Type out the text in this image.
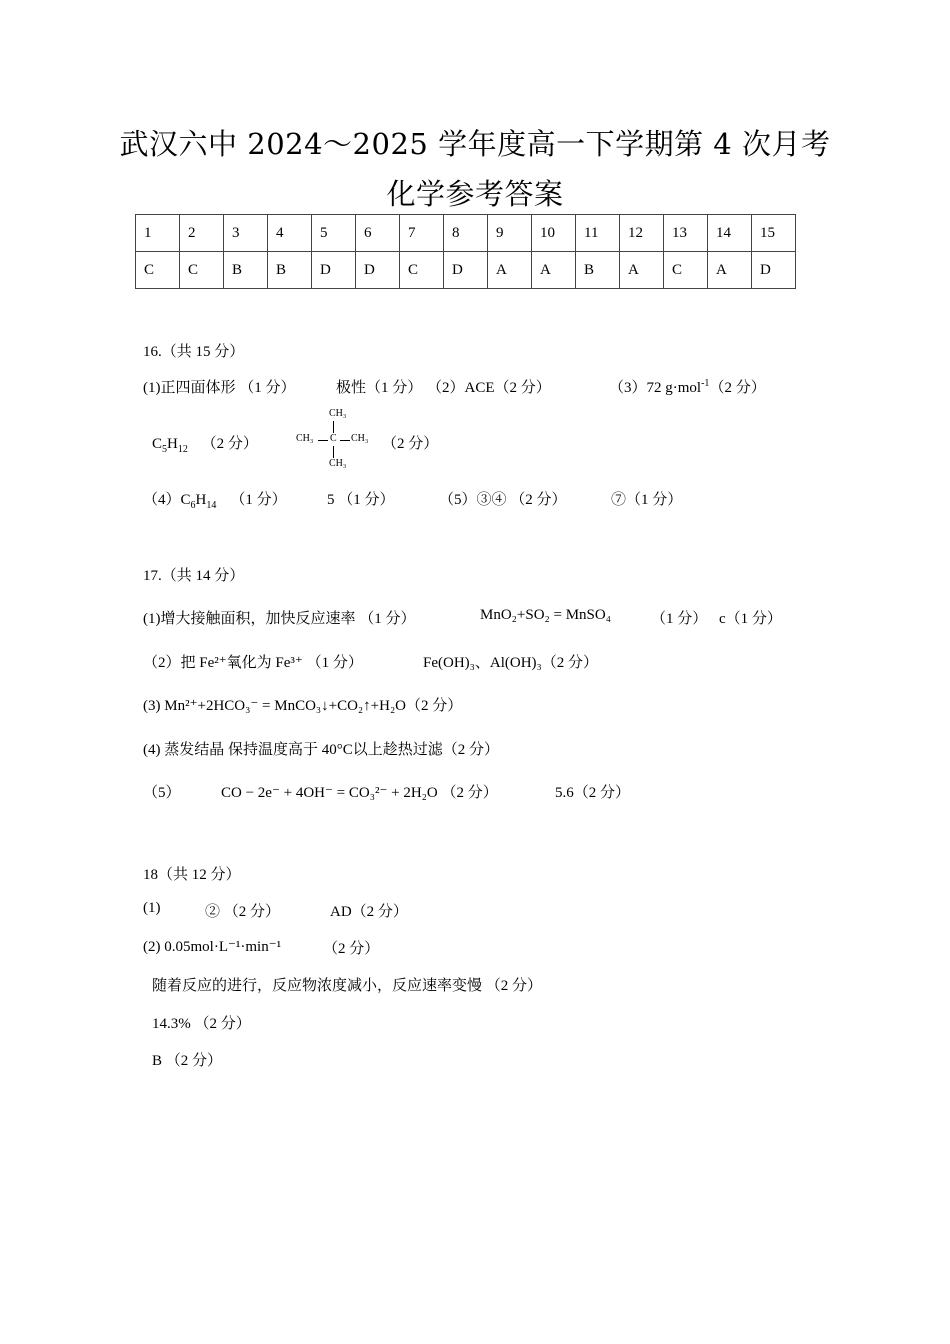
武汉六中 2024～2025 学年度高一下学期第 4 次月考
化学参考答案
1	2	3	4	5	6	7	8	9	10	11	12	13	14	15
C	C	B	B	D	D	C	D	A	A	B	A	C	A	D
16.（共 15 分）
(1)正四面体形 （1 分）	极性（1 分） （2）ACE（2 分）	（3）72 g·mol$^{-1}$（2 分）
$C_5H_{12}$ （2 分）
CH₃
CH₃ C CH₃
CH₃
（2 分）
$(4)C_6H_{14}$ （1 分）	5 （1 分）	（5）③④ （2 分）	⑦（1 分）
17.（共 14 分）
(1)增大接触面积，加快反应速率 （1 分）	MnO₂+SO₂ = MnSO₄	（1 分） c（1 分）
（2）把 Fe²⁺氧化为 Fe³⁺ （1 分）	Fe(OH)₃、Al(OH)₃（2 分）
(3) Mn²⁺+2HCO₃⁻ = MnCO₃↓+CO₂↑+H₂O（2 分）
(4) 蒸发结晶 保持温度高于 40°C以上趁热过滤（2 分）
（5）	CO − 2e⁻ + 4OH⁻ = CO₃²⁻ + 2H₂O （2 分）	5.6（2 分）
18（共 12 分）
(1)	② （2 分）	AD（2 分）
(2) 0.05mol·L⁻¹·min⁻¹	（2 分）
随着反应的进行，反应物浓度减小，反应速率变慢 （2 分）
14.3% （2 分）
B （2 分）
